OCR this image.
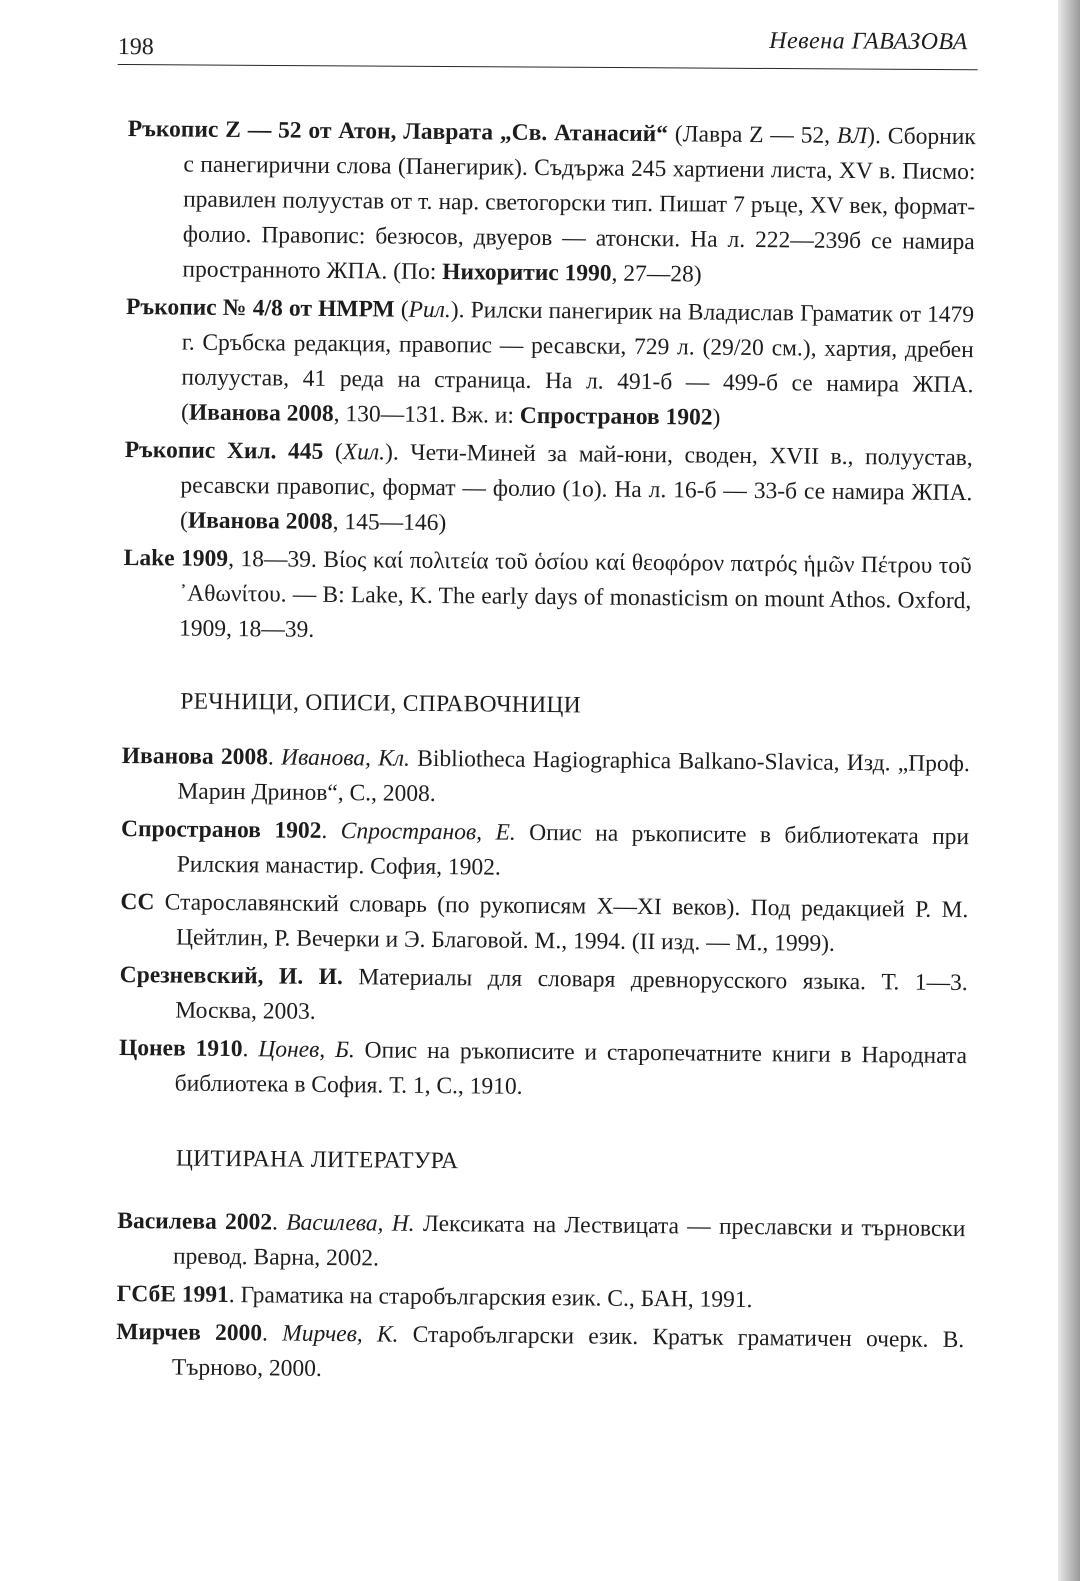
198	Невена ГАВАЗОВА

Ръкопис Z — 52 от Атон, Лаврата „Св. Атанасий“ (Лавра Z — 52, ВЛ). Сборник с панегирични слова (Панегирик). Съдържа 245 хартиени листа, XV в. Писмо: правилен полуустав от т. нар. светогорски тип. Пишат 7 ръце, XV век, формат-фолио. Правопис: безюсов, двуеров — атонски. На л. 222—239б се намира пространното ЖПА. (По: Нихоритис 1990, 27—28)

Ръкопис № 4/8 от НМРМ (Рил.). Рилски панегирик на Владислав Граматик от 1479 г. Сръбска редакция, правопис — ресавски, 729 л. (29/20 см.), хартия, дребен полуустав, 41 реда на страница. На л. 491-б — 499-б се намира ЖПА. (Иванова 2008, 130—131. Вж. и: Спространов 1902)

Ръкопис Хил. 445 (Хил.). Чети-Миней за май-юни, своден, XVII в., полуустав, ресавски правопис, формат — фолио (1о). На л. 16-б — 33-б се намира ЖПА. (Иванова 2008, 145—146)

Lake 1909, 18—39. Βίος καί πολιτεία τοῦ ὁσίου καί θεοφόρον πατρός ἡμῶν Πέτρου τοῦ ᾿Αθωνίτου. — В: Lake, K. The early days of monasticism on mount Athos. Oxford, 1909, 18—39.

РЕЧНИЦИ, ОПИСИ, СПРАВОЧНИЦИ

Иванова 2008. Иванова, Кл. Bibliotheca Hagiographica Balkano-Slavica, Изд. „Проф. Марин Дринов“, С., 2008.

Спространов 1902. Спространов, Е. Опис на ръкописите в библиотеката при Рилския манастир. София, 1902.

СС Старославянский словарь (по рукописям X—XI веков). Под редакцией Р. М. Цейтлин, Р. Вечерки и Э. Благовой. М., 1994. (II изд. — М., 1999).

Срезневский, И. И. Материалы для словаря древнорусского языка. Т. 1—3. Москва, 2003.

Цонев 1910. Цонев, Б. Опис на ръкописите и старопечатните книги в Народната библиотека в София. Т. 1, С., 1910.

ЦИТИРАНА ЛИТЕРАТУРА

Василева 2002. Василева, Н. Лексиката на Лествицата — преславски и търновски превод. Варна, 2002.

ГСбЕ 1991. Граматика на старобългарския език. С., БАН, 1991.

Мирчев 2000. Мирчев, К. Старобългарски език. Кратък граматичен очерк. В. Търново, 2000.
